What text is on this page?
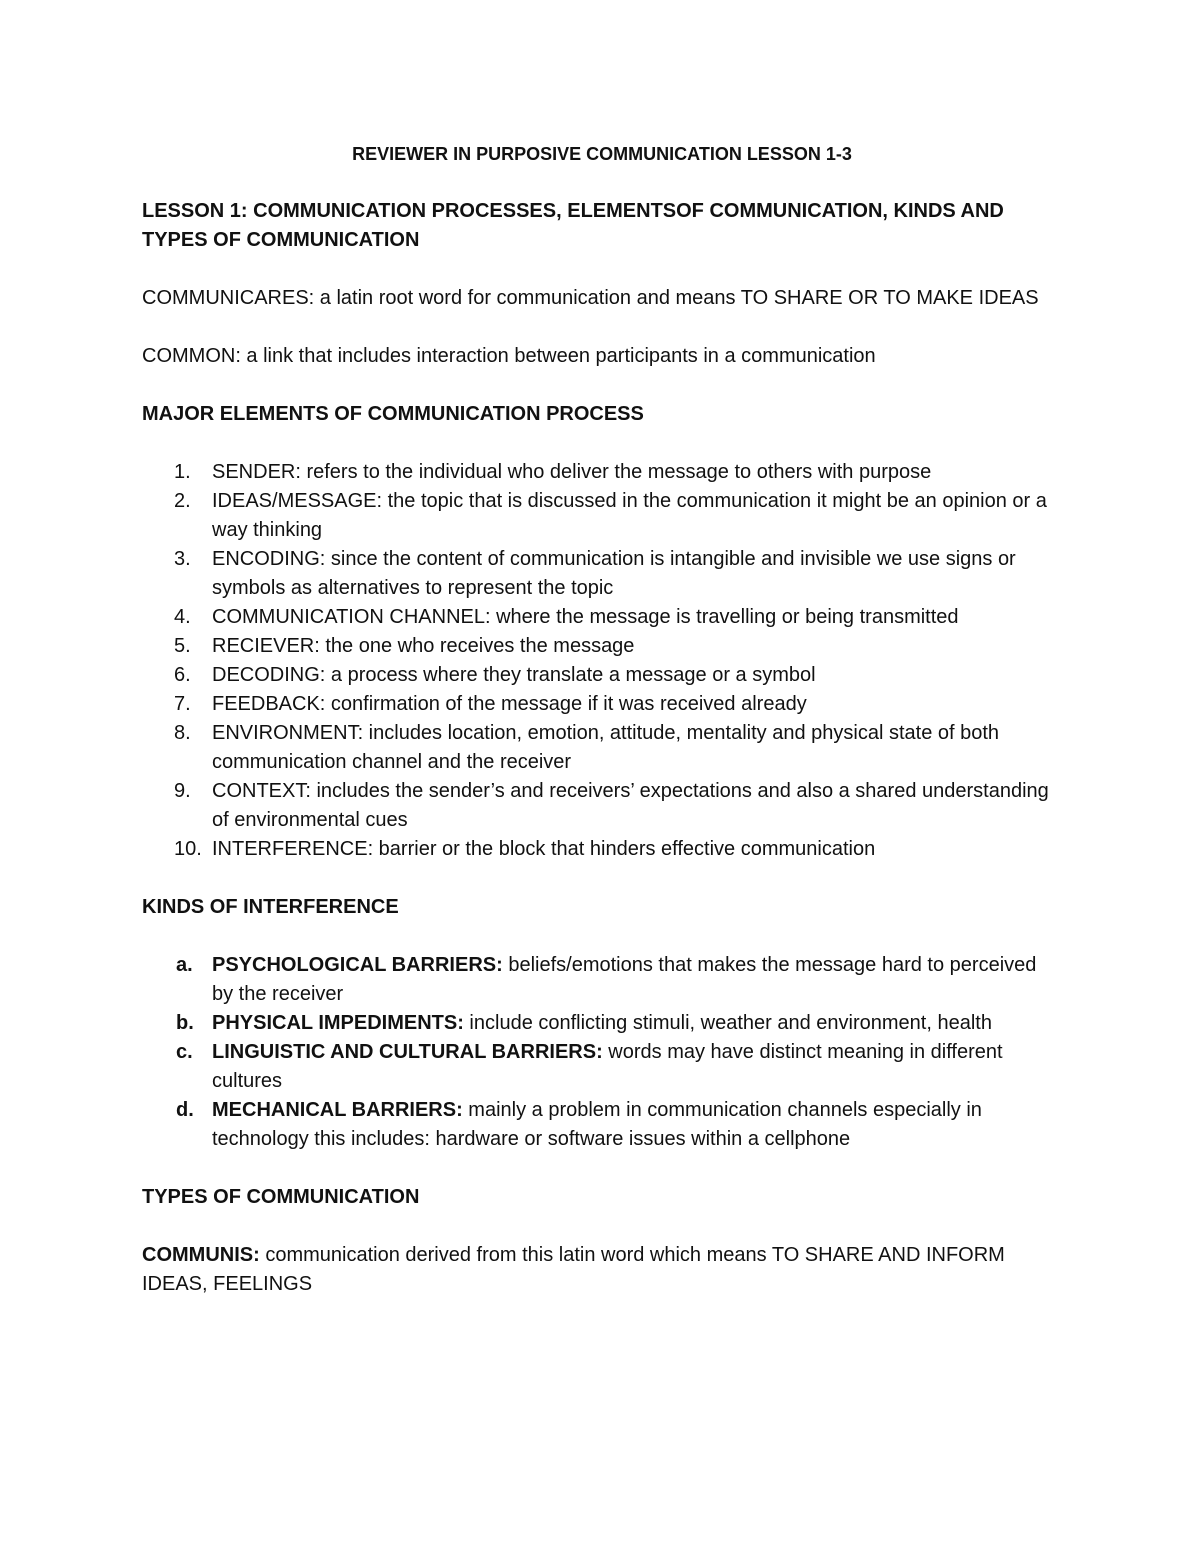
REVIEWER IN PURPOSIVE COMMUNICATION LESSON 1-3
LESSON 1: COMMUNICATION PROCESSES, ELEMENTSOF COMMUNICATION, KINDS AND TYPES OF COMMUNICATION
COMMUNICARES: a latin root word for communication and means TO SHARE OR TO MAKE IDEAS
COMMON: a link that includes interaction between participants in a communication
MAJOR ELEMENTS OF COMMUNICATION PROCESS
1.	SENDER: refers to the individual who deliver the message to others with purpose
2.	IDEAS/MESSAGE: the topic that is discussed in the communication it might be an opinion or a way thinking
3.	ENCODING: since the content of communication is intangible and invisible we use signs or symbols as alternatives to represent the topic
4.	COMMUNICATION CHANNEL: where the message is travelling or being transmitted
5.	RECIEVER: the one who receives the message
6.	DECODING: a process where they translate a message or a symbol
7.	FEEDBACK: confirmation of the message if it was received already
8.	ENVIRONMENT: includes location, emotion, attitude, mentality and physical state of both communication channel and the receiver
9.	CONTEXT: includes the sender’s and receivers’ expectations and also a shared understanding of environmental cues
10. INTERFERENCE: barrier or the block that hinders effective communication
KINDS OF INTERFERENCE
a. PSYCHOLOGICAL BARRIERS: beliefs/emotions that makes the message hard to perceived by the receiver
b. PHYSICAL IMPEDIMENTS: include conflicting stimuli, weather and environment, health
c. LINGUISTIC AND CULTURAL BARRIERS: words may have distinct meaning in different cultures
d. MECHANICAL BARRIERS: mainly a problem in communication channels especially in technology this includes: hardware or software issues within a cellphone
TYPES OF COMMUNICATION
COMMUNIS: communication derived from this latin word which means TO SHARE AND INFORM IDEAS, FEELINGS
